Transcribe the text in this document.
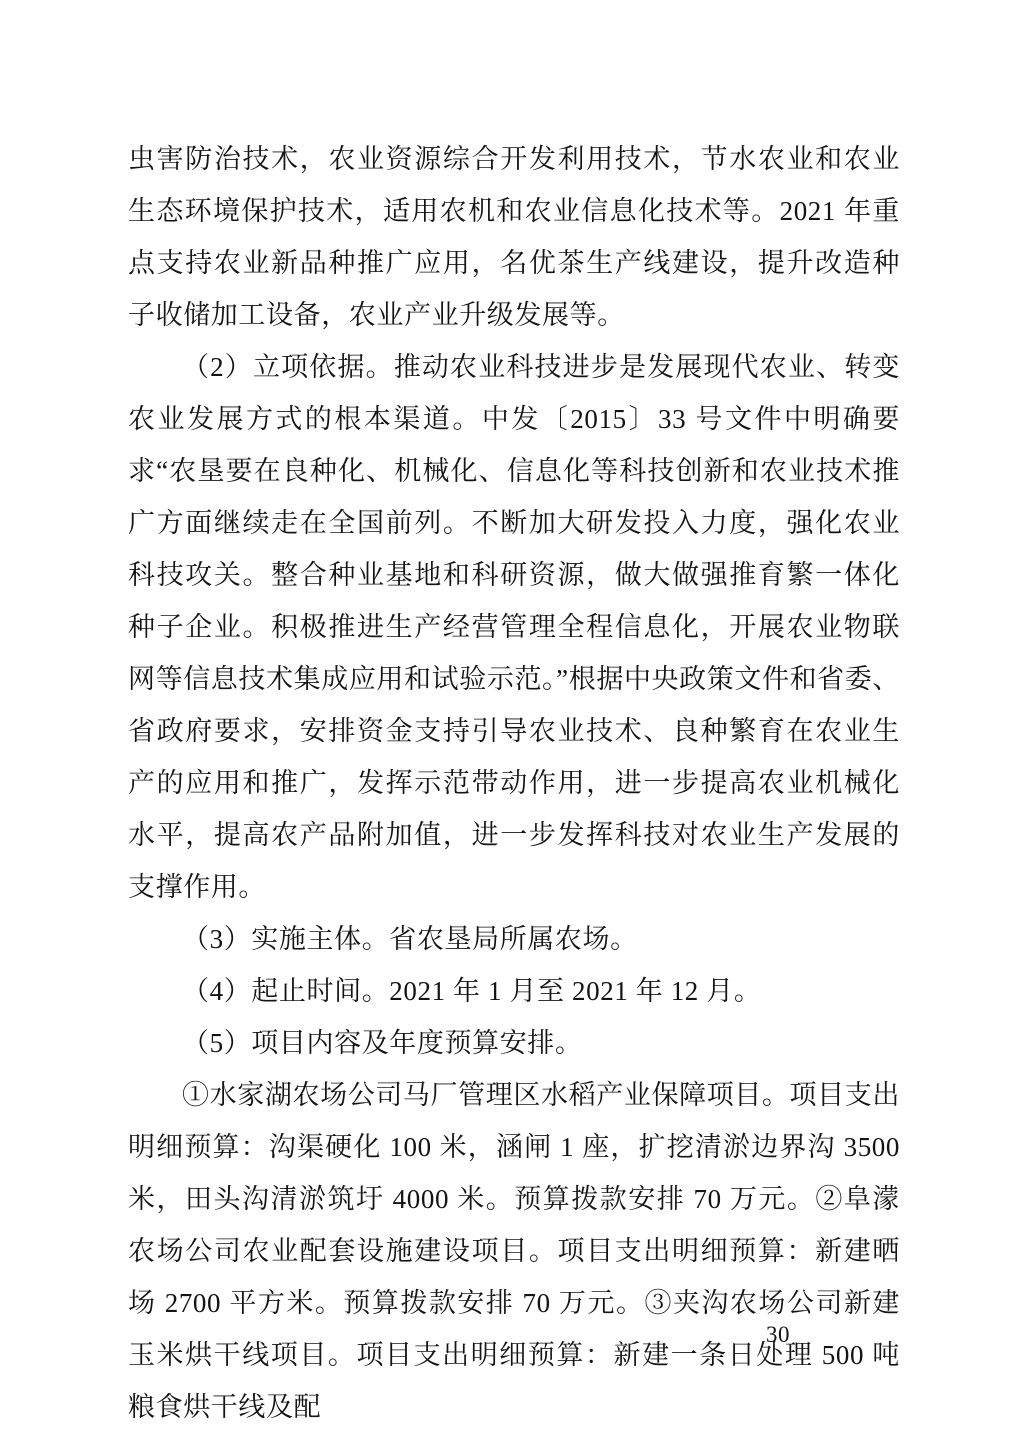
虫害防治技术，农业资源综合开发利用技术，节水农业和农业生态环境保护技术，适用农机和农业信息化技术等。2021 年重点支持农业新品种推广应用，名优茶生产线建设，提升改造种子收储加工设备，农业产业升级发展等。

（2）立项依据。推动农业科技进步是发展现代农业、转变农业发展方式的根本渠道。中发〔2015〕33 号文件中明确要求“农垦要在良种化、机械化、信息化等科技创新和农业技术推广方面继续走在全国前列。不断加大研发投入力度，强化农业科技攻关。整合种业基地和科研资源，做大做强推育繁一体化种子企业。积极推进生产经营管理全程信息化，开展农业物联网等信息技术集成应用和试验示范。”根据中央政策文件和省委、省政府要求，安排资金支持引导农业技术、良种繁育在农业生产的应用和推广，发挥示范带动作用，进一步提高农业机械化水平，提高农产品附加值，进一步发挥科技对农业生产发展的支撑作用。

（3）实施主体。省农垦局所属农场。

（4）起止时间。2021 年 1 月至 2021 年 12 月。

（5）项目内容及年度预算安排。

①水家湖农场公司马厂管理区水稻产业保障项目。项目支出明细预算：沟渠硬化 100 米，涵闸 1 座，扩挖清淤边界沟 3500 米，田头沟清淤筑圩 4000 米。预算拨款安排 70 万元。②阜濛农场公司农业配套设施建设项目。项目支出明细预算：新建晒场 2700 平方米。预算拨款安排 70 万元。③夹沟农场公司新建玉米烘干线项目。项目支出明细预算：新建一条日处理 500 吨粮食烘干线及配

30
